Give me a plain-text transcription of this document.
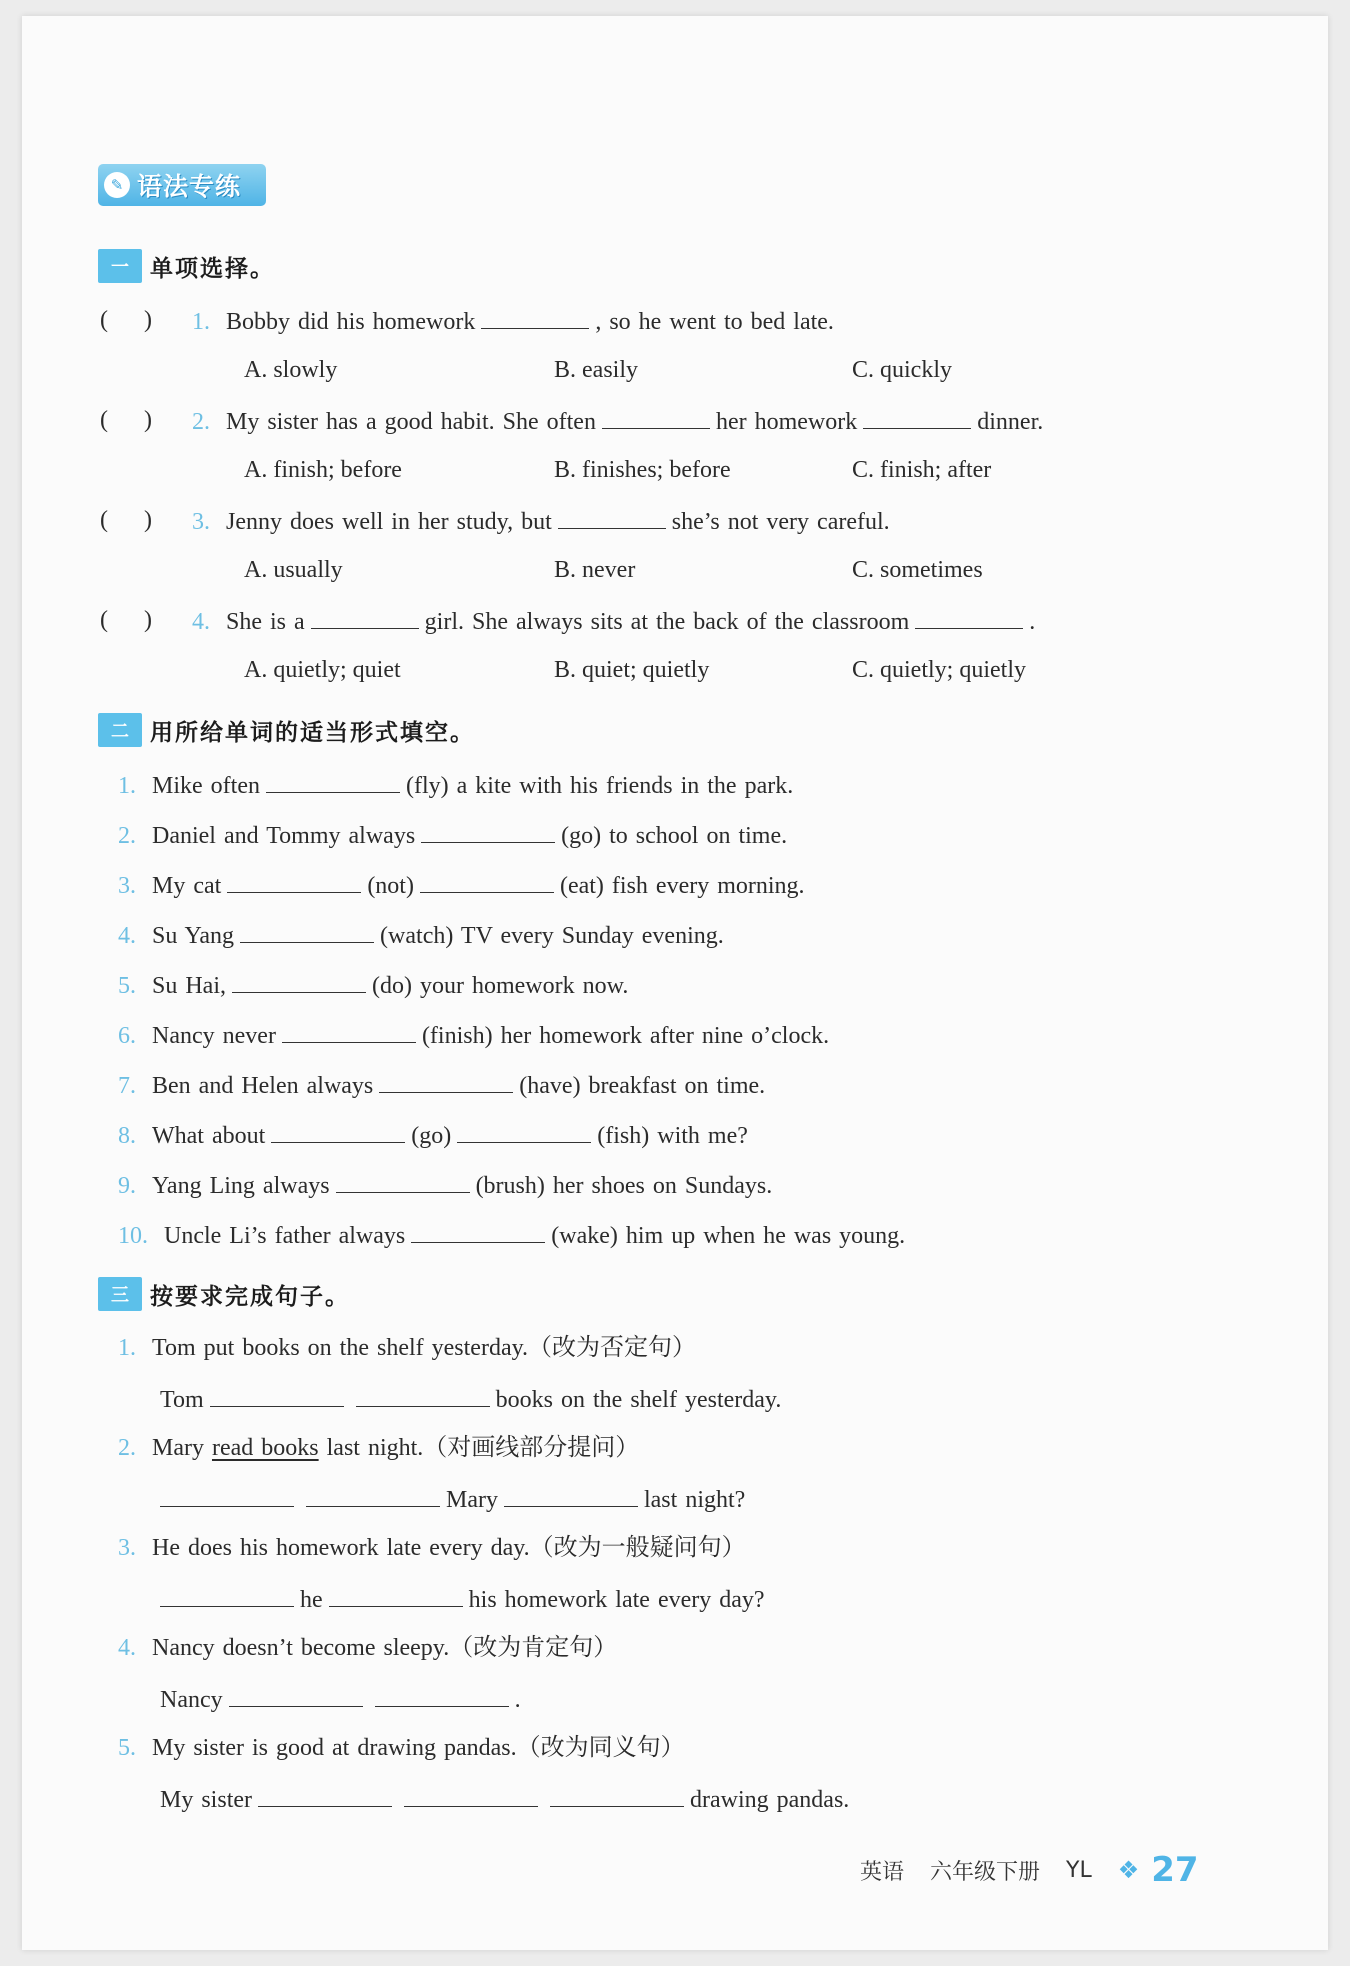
✎ 语法专练
一 单项选择。
(      ) 1. Bobby did his homework	, so he went to bed late.
A. slowly	B. easily	C. quickly
(      ) 2. My sister has a good habit. She often	her homework	dinner.
A. finish; before	B. finishes; before	C. finish; after
(      ) 3. Jenny does well in her study, but	she’s not very careful.
A. usually	B. never	C. sometimes
(      ) 4. She is a	girl. She always sits at the back of the classroom	.
A. quietly; quiet	B. quiet; quietly	C. quietly; quietly
二 用所给单词的适当形式填空。
1. Mike often	(fly) a kite with his friends in the park.
2. Daniel and Tommy always	(go) to school on time.
3. My cat	(not)	(eat) fish every morning.
4. Su Yang	(watch) TV every Sunday evening.
5. Su Hai,	(do) your homework now.
6. Nancy never	(finish) her homework after nine o’clock.
7. Ben and Helen always	(have) breakfast on time.
8. What about	(go)	(fish) with me?
9. Yang Ling always	(brush) her shoes on Sundays.
10. Uncle Li’s father always	(wake) him up when he was young.
三 按要求完成句子。
1. Tom put books on the shelf yesterday.（改为否定句）
Tom	books on the shelf yesterday.
2. Mary read books last night.（对画线部分提问）
Mary	last night?
3. He does his homework late every day.（改为一般疑问句）
he	his homework late every day?
4. Nancy doesn’t become sleepy.（改为肯定句）
Nancy	.
5. My sister is good at drawing pandas.（改为同义句）
My sister	drawing pandas.
英语 六年级下册 YL ❖ 27
